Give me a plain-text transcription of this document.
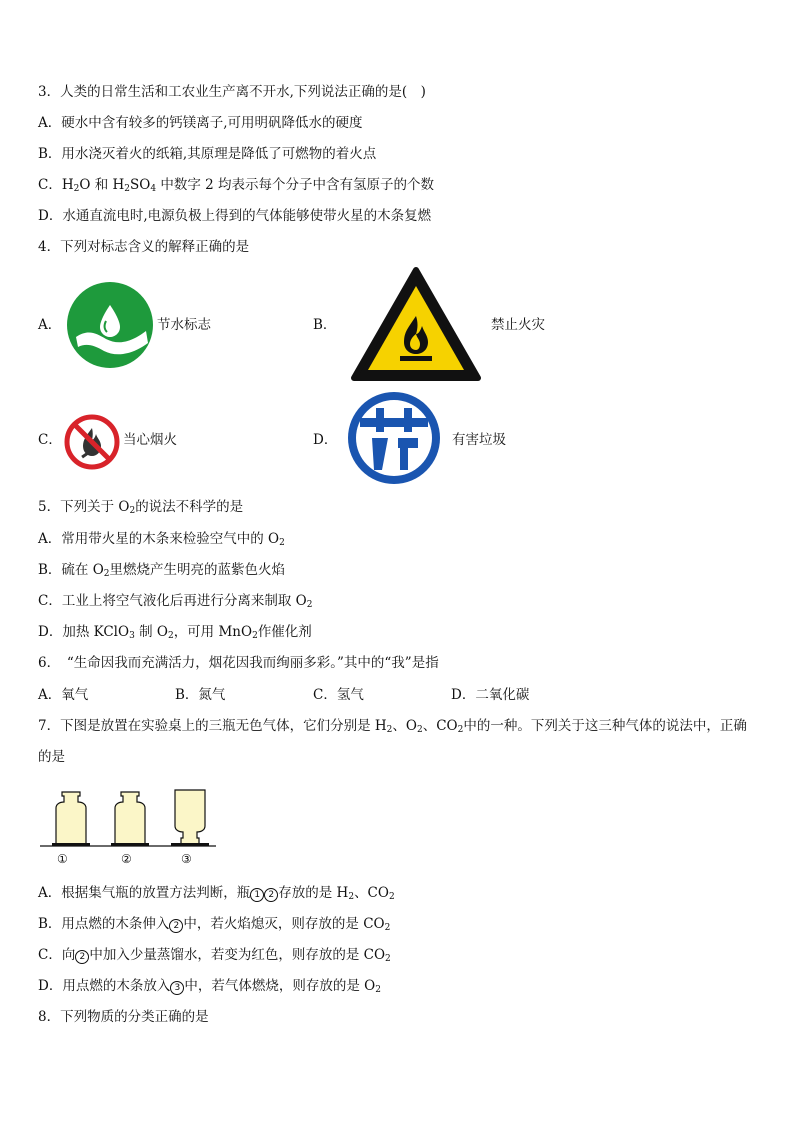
3．人类的日常生活和工农业生产离不开水,下列说法正确的是(　)
A．硬水中含有较多的钙镁离子,可用明矾降低水的硬度
B．用水浇灭着火的纸箱,其原理是降低了可燃物的着火点
C．$H_2O$ 和 $H_2SO_4$ 中数字 2 均表示每个分子中含有氢原子的个数
D．水通直流电时,电源负极上得到的气体能够使带火星的木条复燃
4．下列对标志含义的解释正确的是
A．	节水标志	B．	禁止火灾
C．	当心烟火	D．	有害垃圾
5．下列关于 $O_2$的说法不科学的是
A．常用带火星的木条来检验空气中的 $O_2$
B．硫在 $O_2$里燃烧产生明亮的蓝紫色火焰
C．工业上将空气液化后再进行分离来制取 $O_2$
D．加热 KClO$_3$ 制 $O_2$，可用 MnO$_2$作催化剂
6．　“生命因我而充满活力，烟花因我而绚丽多彩。”其中的“我”是指
A．氧气	B．氮气	C．氢气	D．二氧化碳
7．下图是放置在实验桌上的三瓶无色气体，它们分别是 $H_2$、$O_2$、$CO_2$中的一种。下列关于这三种气体的说法中，正确
的是
①	②	③
A．根据集气瓶的放置方法判断，瓶 1 2 存放的是 $H_2$、$CO_2$
B．用点燃的木条伸入 2 中，若火焰熄灭，则存放的是 $CO_2$
C．向 2 中加入少量蒸馏水，若变为红色，则存放的是 $CO_2$
D．用点燃的木条放入 3 中，若气体燃烧，则存放的是 $O_2$
8．下列物质的分类正确的是
